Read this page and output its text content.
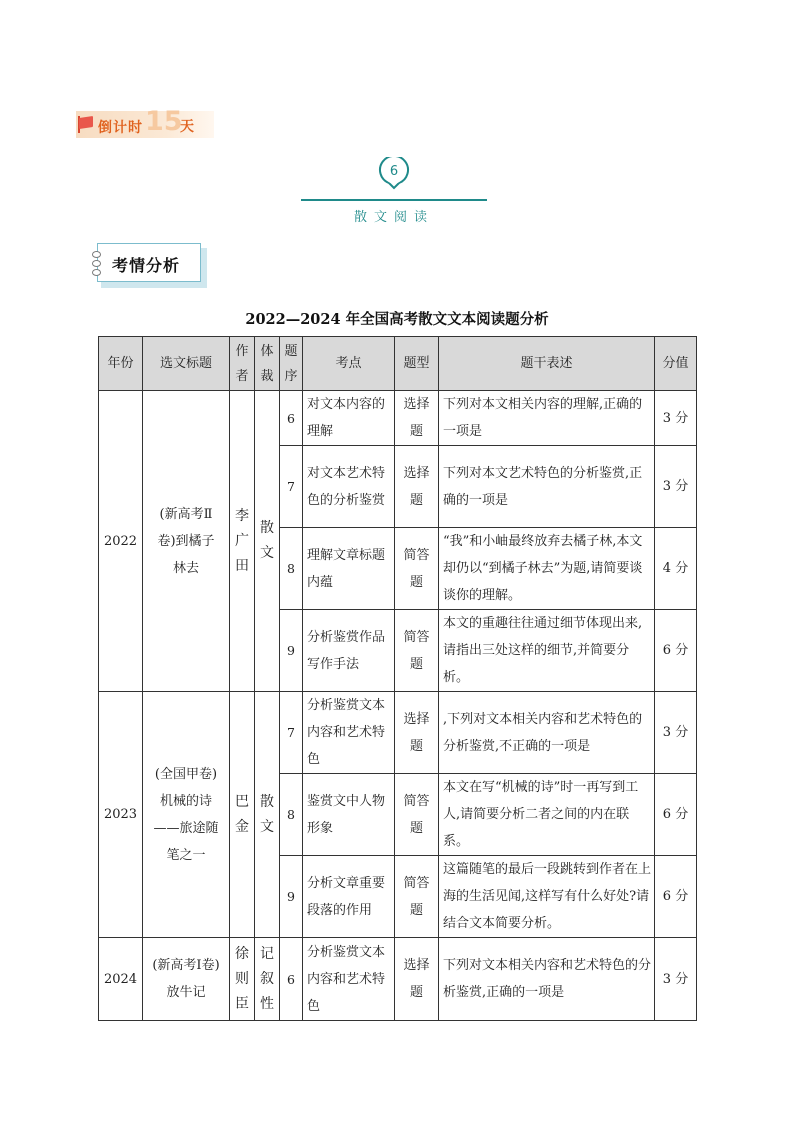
倒计时 15
天
6
散文阅读
考情分析
2022—2024 年全国高考散文文本阅读题分析
年份	选文标题	作者	体裁	题序	考点	题型	题干表述	分值
2022	(新高考Ⅱ卷)到橘子林去	李广田	散文	6	对文本内容的理解	选择题	下列对本文相关内容的理解,正确的一项是	3 分
				7	对文本艺术特色的分析鉴赏	选择题	下列对本文艺术特色的分析鉴赏,正确的一项是	3 分
				8	理解文章标题内蕴	简答题	“我”和小岫最终放弃去橘子林,本文却仍以“到橘子林去”为题,请简要谈谈你的理解。	4 分
				9	分析鉴赏作品写作手法	简答题	本文的重趣往往通过细节体现出来,请指出三处这样的细节,并简要分析。	6 分
2023	(全国甲卷)机械的诗——旅途随笔之一	巴金	散文	7	分析鉴赏文本内容和艺术特色	选择题	,下列对文本相关内容和艺术特色的分析鉴赏,不正确的一项是	3 分
				8	鉴赏文中人物形象	简答题	本文在写“机械的诗”时一再写到工人,请简要分析二者之间的内在联系。	6 分
				9	分析文章重要段落的作用	简答题	这篇随笔的最后一段跳转到作者在上海的生活见闻,这样写有什么好处?请结合文本简要分析。	6 分
2024	(新高考Ⅰ卷)放牛记	徐则臣	记叙性	6	分析鉴赏文本内容和艺术特色	选择题	下列对文本相关内容和艺术特色的分析鉴赏,正确的一项是	3 分
